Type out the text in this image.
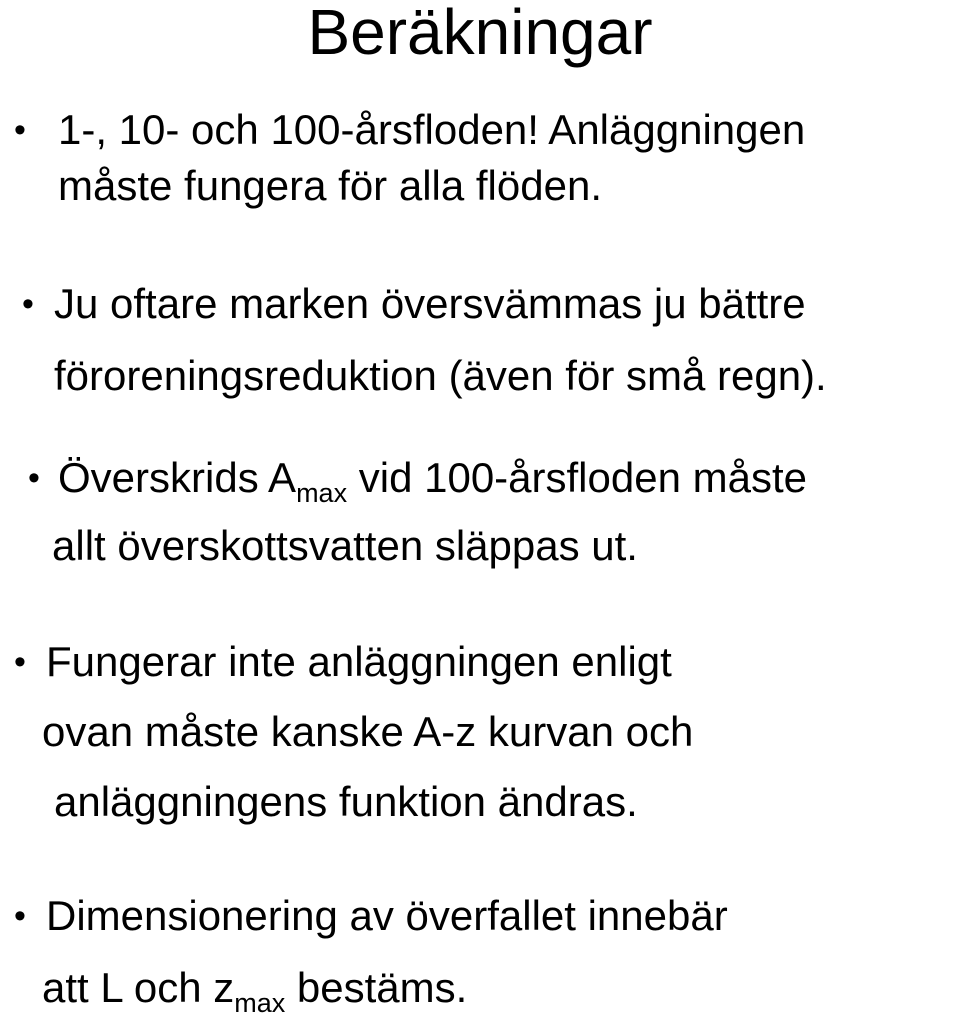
Beräkningar
• 1-, 10- och 100-årsfloden! Anläggningen
måste fungera för alla flöden.
• Ju oftare marken översvämmas ju bättre
föroreningsreduktion (även för små regn).
• Överskrids $A_{max}$ vid 100-årsfloden måste
allt överskottsvatten släppas ut.
• Fungerar inte anläggningen enligt
ovan måste kanske A-z kurvan och
anläggningens funktion ändras.
• Dimensionering av överfallet innebär
att L och $z_{max}$ bestäms.
